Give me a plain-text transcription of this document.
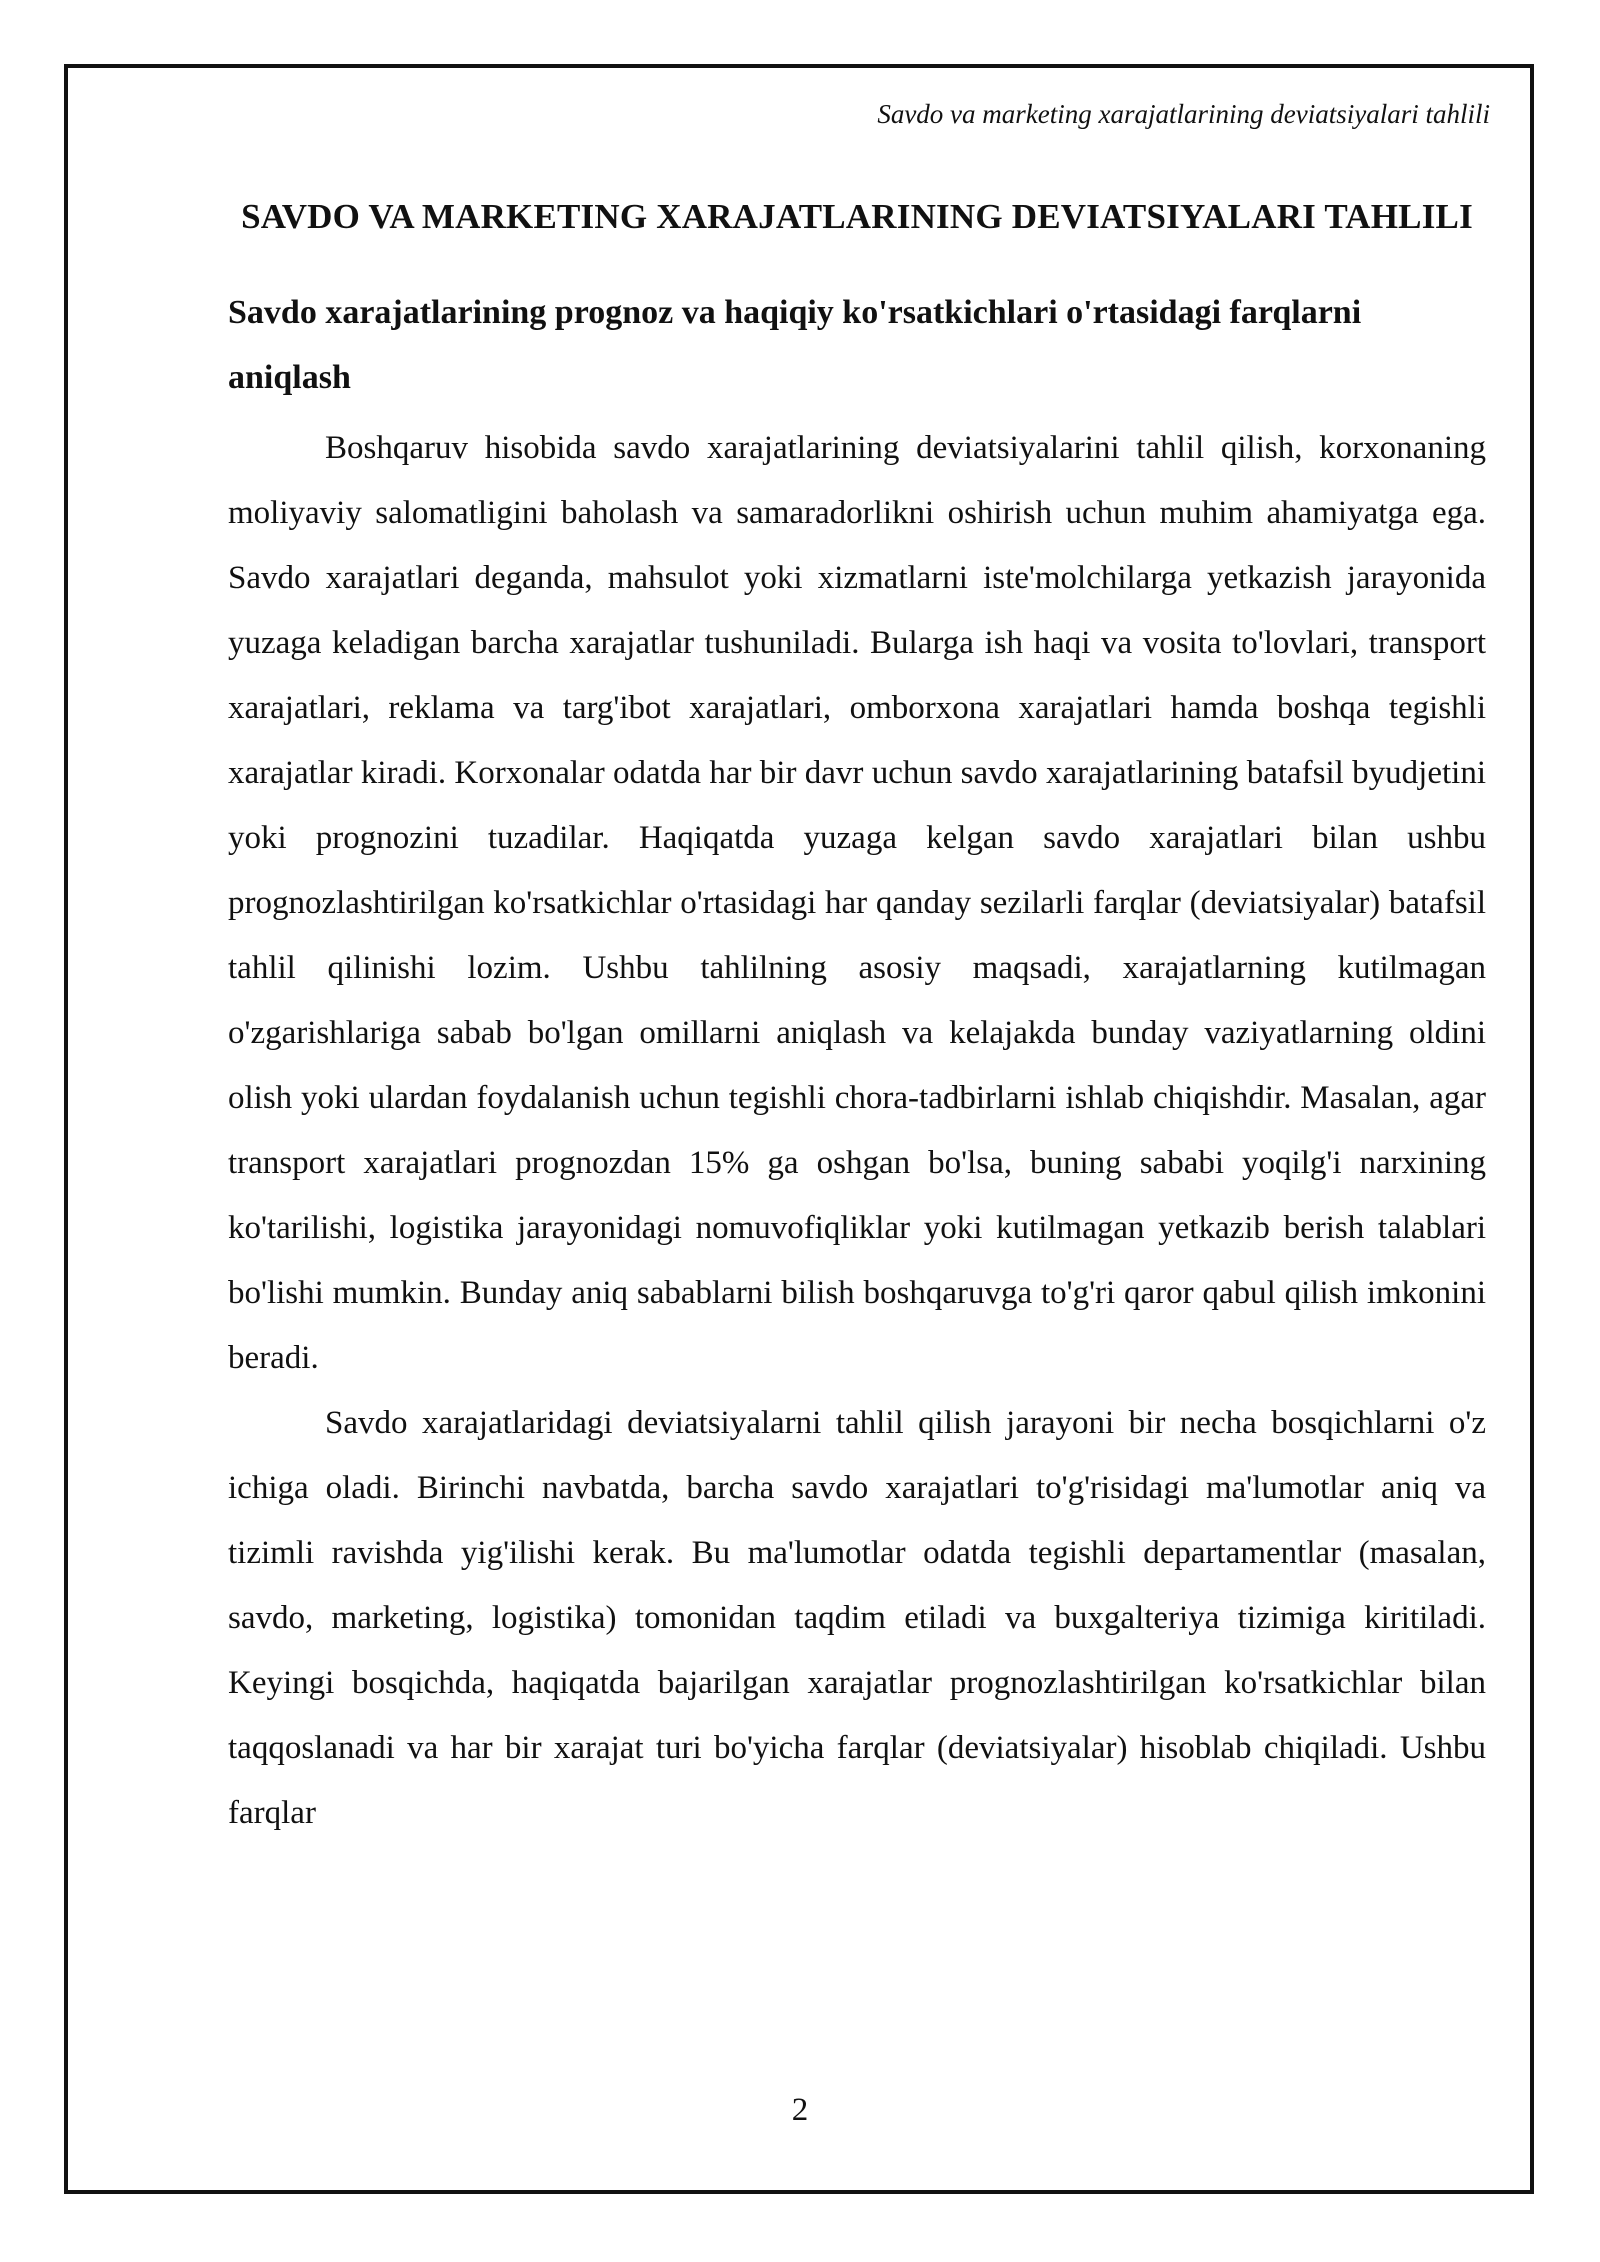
Savdo va marketing xarajatlarining deviatsiyalari tahlili
SAVDO VA MARKETING XARAJATLARINING DEVIATSIYALARI TAHLILI
Savdo xarajatlarining prognoz va haqiqiy ko'rsatkichlari o'rtasidagi farqlarni aniqlash

Boshqaruv hisobida savdo xarajatlarining deviatsiyalarini tahlil qilish, korxonaning moliyaviy salomatligini baholash va samaradorlikni oshirish uchun muhim ahamiyatga ega. Savdo xarajatlari deganda, mahsulot yoki xizmatlarni iste'molchilarga yetkazish jarayonida yuzaga keladigan barcha xarajatlar tushuniladi. Bularga ish haqi va vosita to'lovlari, transport xarajatlari, reklama va targ'ibot xarajatlari, omborxona xarajatlari hamda boshqa tegishli xarajatlar kiradi. Korxonalar odatda har bir davr uchun savdo xarajatlarining batafsil byudjetini yoki prognozini tuzadilar. Haqiqatda yuzaga kelgan savdo xarajatlari bilan ushbu prognozlashtirilgan ko'rsatkichlar o'rtasidagi har qanday sezilarli farqlar (deviatsiyalar) batafsil tahlil qilinishi lozim. Ushbu tahlilning asosiy maqsadi, xarajatlarning kutilmagan o'zgarishlariga sabab bo'lgan omillarni aniqlash va kelajakda bunday vaziyatlarning oldini olish yoki ulardan foydalanish uchun tegishli chora-tadbirlarni ishlab chiqishdir. Masalan, agar transport xarajatlari prognozdan 15% ga oshgan bo'lsa, buning sababi yoqilg'i narxining ko'tarilishi, logistika jarayonidagi nomuvofiqliklar yoki kutilmagan yetkazib berish talablari bo'lishi mumkin. Bunday aniq sabablarni bilish boshqaruvga to'g'ri qaror qabul qilish imkonini beradi.

Savdo xarajatlaridagi deviatsiyalarni tahlil qilish jarayoni bir necha bosqichlarni o'z ichiga oladi. Birinchi navbatda, barcha savdo xarajatlari to'g'risidagi ma'lumotlar aniq va tizimli ravishda yig'ilishi kerak. Bu ma'lumotlar odatda tegishli departamentlar (masalan, savdo, marketing, logistika) tomonidan taqdim etiladi va buxgalteriya tizimiga kiritiladi. Keyingi bosqichda, haqiqatda bajarilgan xarajatlar prognozlashtirilgan ko'rsatkichlar bilan taqqoslanadi va har bir xarajat turi bo'yicha farqlar (deviatsiyalar) hisoblab chiqiladi. Ushbu farqlar

2
